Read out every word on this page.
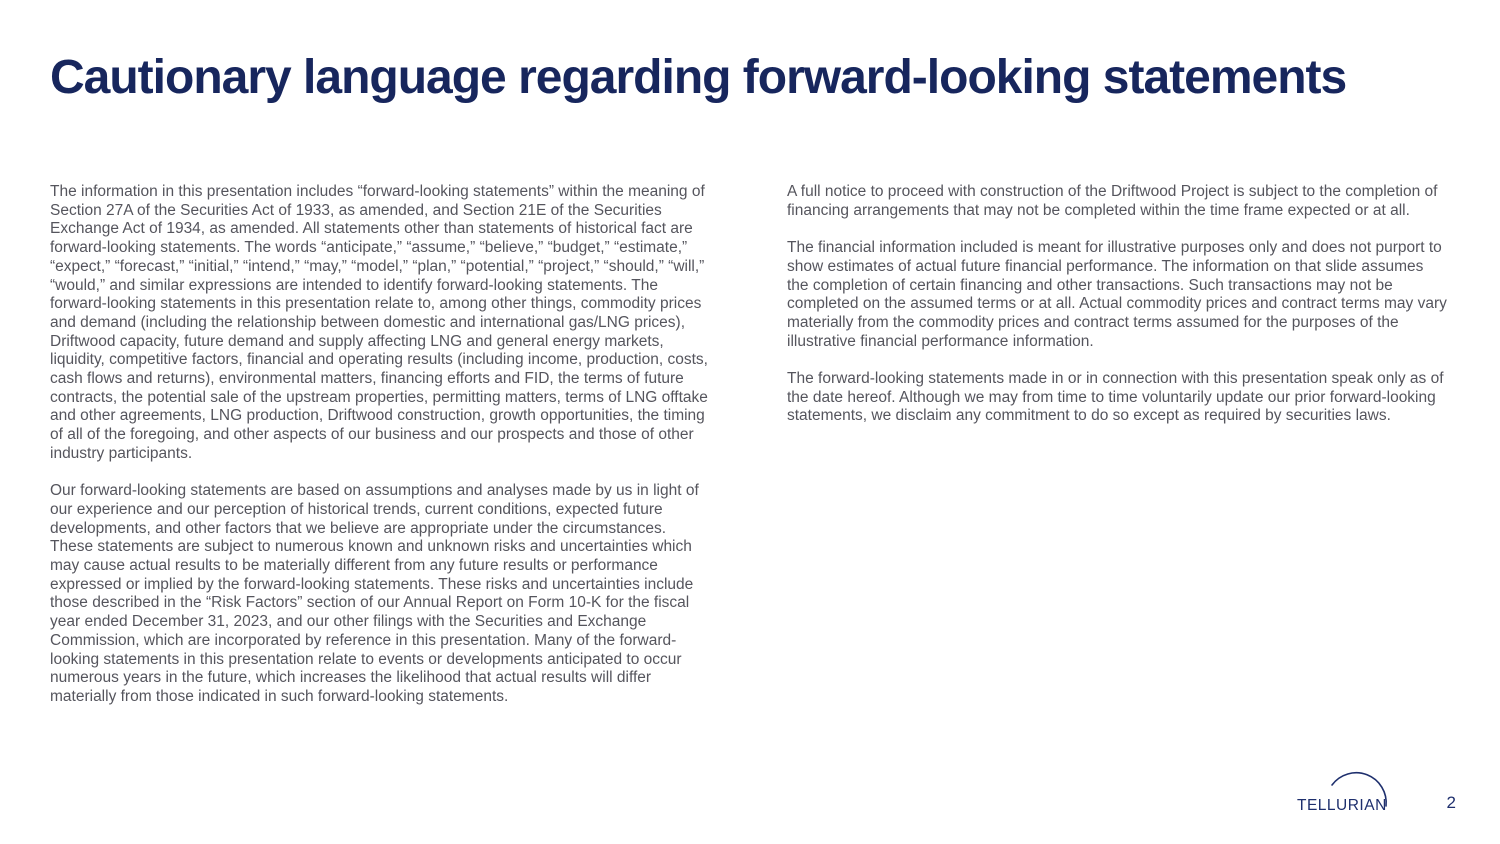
Cautionary language regarding forward-looking statements

The information in this presentation includes “forward-looking statements” within the meaning of Section 27A of the Securities Act of 1933, as amended, and Section 21E of the Securities Exchange Act of 1934, as amended. All statements other than statements of historical fact are forward-looking statements. The words “anticipate,” “assume,” “believe,” “budget,” “estimate,” “expect,” “forecast,” “initial,” “intend,” “may,” “model,” “plan,” “potential,” “project,” “should,” “will,” “would,” and similar expressions are intended to identify forward-looking statements. The forward-looking statements in this presentation relate to, among other things, commodity prices and demand (including the relationship between domestic and international gas/LNG prices), Driftwood capacity, future demand and supply affecting LNG and general energy markets, liquidity, competitive factors, financial and operating results (including income, production, costs, cash flows and returns), environmental matters, financing efforts and FID, the terms of future contracts, the potential sale of the upstream properties, permitting matters, terms of LNG offtake and other agreements, LNG production, Driftwood construction, growth opportunities, the timing of all of the foregoing, and other aspects of our business and our prospects and those of other industry participants.

Our forward-looking statements are based on assumptions and analyses made by us in light of our experience and our perception of historical trends, current conditions, expected future developments, and other factors that we believe are appropriate under the circumstances. These statements are subject to numerous known and unknown risks and uncertainties which may cause actual results to be materially different from any future results or performance expressed or implied by the forward-looking statements. These risks and uncertainties include those described in the “Risk Factors” section of our Annual Report on Form 10-K for the fiscal year ended December 31, 2023, and our other filings with the Securities and Exchange Commission, which are incorporated by reference in this presentation. Many of the forward-looking statements in this presentation relate to events or developments anticipated to occur numerous years in the future, which increases the likelihood that actual results will differ materially from those indicated in such forward-looking statements.

A full notice to proceed with construction of the Driftwood Project is subject to the completion of financing arrangements that may not be completed within the time frame expected or at all.

The financial information included is meant for illustrative purposes only and does not purport to show estimates of actual future financial performance. The information on that slide assumes the completion of certain financing and other transactions. Such transactions may not be completed on the assumed terms or at all. Actual commodity prices and contract terms may vary materially from the commodity prices and contract terms assumed for the purposes of the illustrative financial performance information.

The forward-looking statements made in or in connection with this presentation speak only as of the date hereof. Although we may from time to time voluntarily update our prior forward-looking statements, we disclaim any commitment to do so except as required by securities laws.

TELLURIAN	2
